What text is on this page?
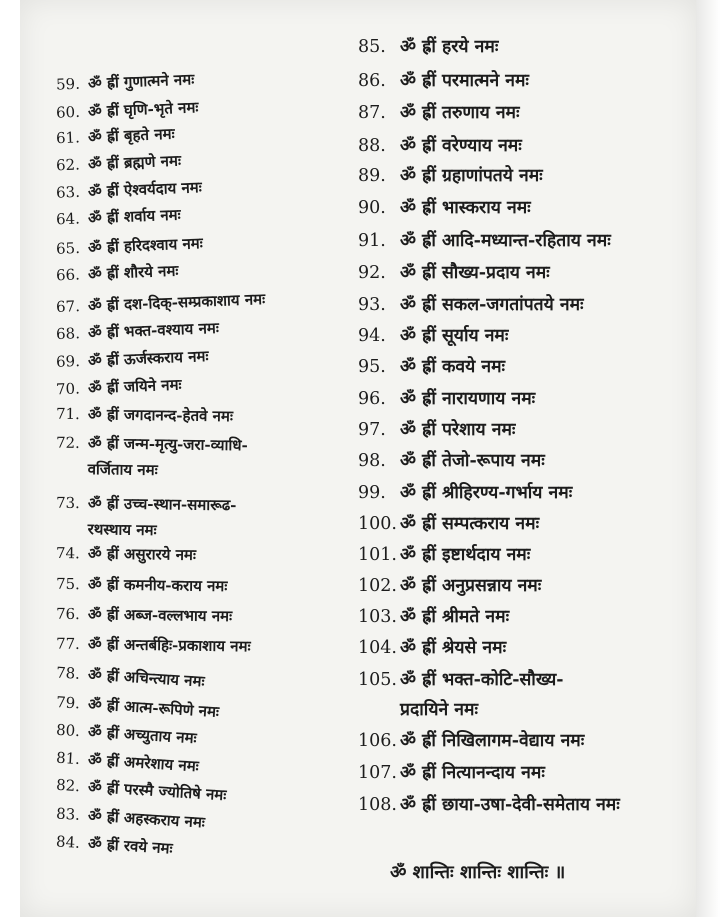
59. ॐ ह्रीं गुणात्मने नमः
60. ॐ ह्रीं घृणि-भृते नमः
61. ॐ ह्रीं बृहते नमः
62. ॐ ह्रीं ब्रह्मणे नमः
63. ॐ ह्रीं ऐश्वर्यदाय नमः
64. ॐ ह्रीं शर्वाय नमः
65. ॐ ह्रीं हरिदश्वाय नमः
66. ॐ ह्रीं शौरये नमः
67. ॐ ह्रीं दश-दिक्-सम्प्रकाशाय नमः
68. ॐ ह्रीं भक्त-वश्याय नमः
69. ॐ ह्रीं ऊर्जस्कराय नमः
70. ॐ ह्रीं जयिने नमः
71. ॐ ह्रीं जगदानन्द-हेतवे नमः
72. ॐ ह्रीं जन्म-मृत्यु-जरा-व्याधि-
वर्जिताय नमः
73. ॐ ह्रीं उच्च-स्थान-समारूढ-
रथस्थाय नमः
74. ॐ ह्रीं असुरारये नमः
75. ॐ ह्रीं कमनीय-कराय नमः
76. ॐ ह्रीं अब्ज-वल्लभाय नमः
77. ॐ ह्रीं अन्तर्बहिः-प्रकाशाय नमः
78. ॐ ह्रीं अचिन्त्याय नमः
79. ॐ ह्रीं आत्म-रूपिणे नमः
80. ॐ ह्रीं अच्युताय नमः
81. ॐ ह्रीं अमरेशाय नमः
82. ॐ ह्रीं परस्मै ज्योतिषे नमः
83. ॐ ह्रीं अहस्कराय नमः
84. ॐ ह्रीं रवये नमः
85. ॐ ह्रीं हरये नमः
86. ॐ ह्रीं परमात्मने नमः
87. ॐ ह्रीं तरुणाय नमः
88. ॐ ह्रीं वरेण्याय नमः
89. ॐ ह्रीं ग्रहाणांपतये नमः
90. ॐ ह्रीं भास्कराय नमः
91. ॐ ह्रीं आदि-मध्यान्त-रहिताय नमः
92. ॐ ह्रीं सौख्य-प्रदाय नमः
93. ॐ ह्रीं सकल-जगतांपतये नमः
94. ॐ ह्रीं सूर्याय नमः
95. ॐ ह्रीं कवये नमः
96. ॐ ह्रीं नारायणाय नमः
97. ॐ ह्रीं परेशाय नमः
98. ॐ ह्रीं तेजो-रूपाय नमः
99. ॐ ह्रीं श्रीहिरण्य-गर्भाय नमः
100. ॐ ह्रीं सम्पत्कराय नमः
101. ॐ ह्रीं इष्टार्थदाय नमः
102. ॐ ह्रीं अनुप्रसन्नाय नमः
103. ॐ ह्रीं श्रीमते नमः
104. ॐ ह्रीं श्रेयसे नमः
105. ॐ ह्रीं भक्त-कोटि-सौख्य-
प्रदायिने नमः
106. ॐ ह्रीं निखिलागम-वेद्याय नमः
107. ॐ ह्रीं नित्यानन्दाय नमः
108. ॐ ह्रीं छाया-उषा-देवी-समेताय नमः
ॐ शान्तिः शान्तिः शान्तिः ॥
